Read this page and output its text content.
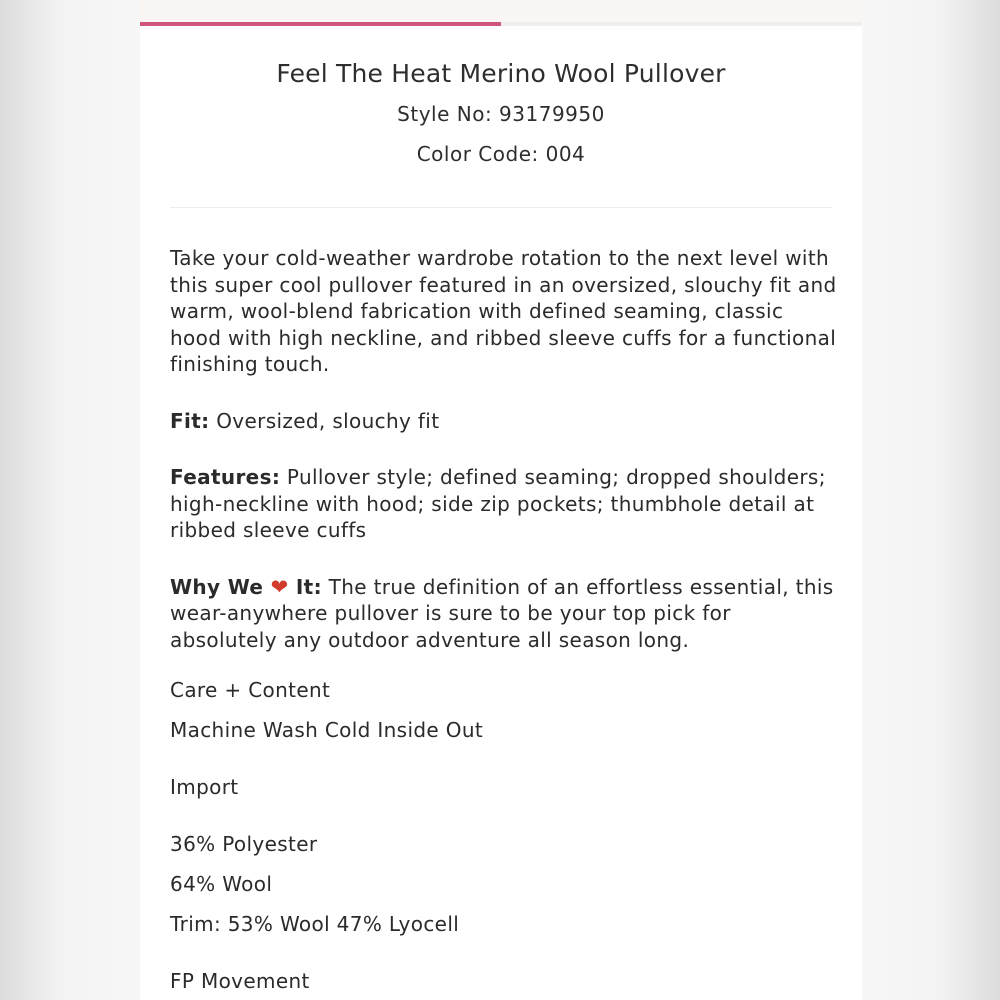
Feel The Heat Merino Wool Pullover
Style No: 93179950
Color Code: 004

Take your cold-weather wardrobe rotation to the next level with this super cool pullover featured in an oversized, slouchy fit and warm, wool-blend fabrication with defined seaming, classic hood with high neckline, and ribbed sleeve cuffs for a functional finishing touch.

Fit: Oversized, slouchy fit

Features: Pullover style; defined seaming; dropped shoulders; high-neckline with hood; side zip pockets; thumbhole detail at ribbed sleeve cuffs

Why We ❤ It: The true definition of an effortless essential, this wear-anywhere pullover is sure to be your top pick for absolutely any outdoor adventure all season long.

Care + Content

Machine Wash Cold Inside Out

Import

36% Polyester

64% Wool

Trim: 53% Wool 47% Lyocell

FP Movement
